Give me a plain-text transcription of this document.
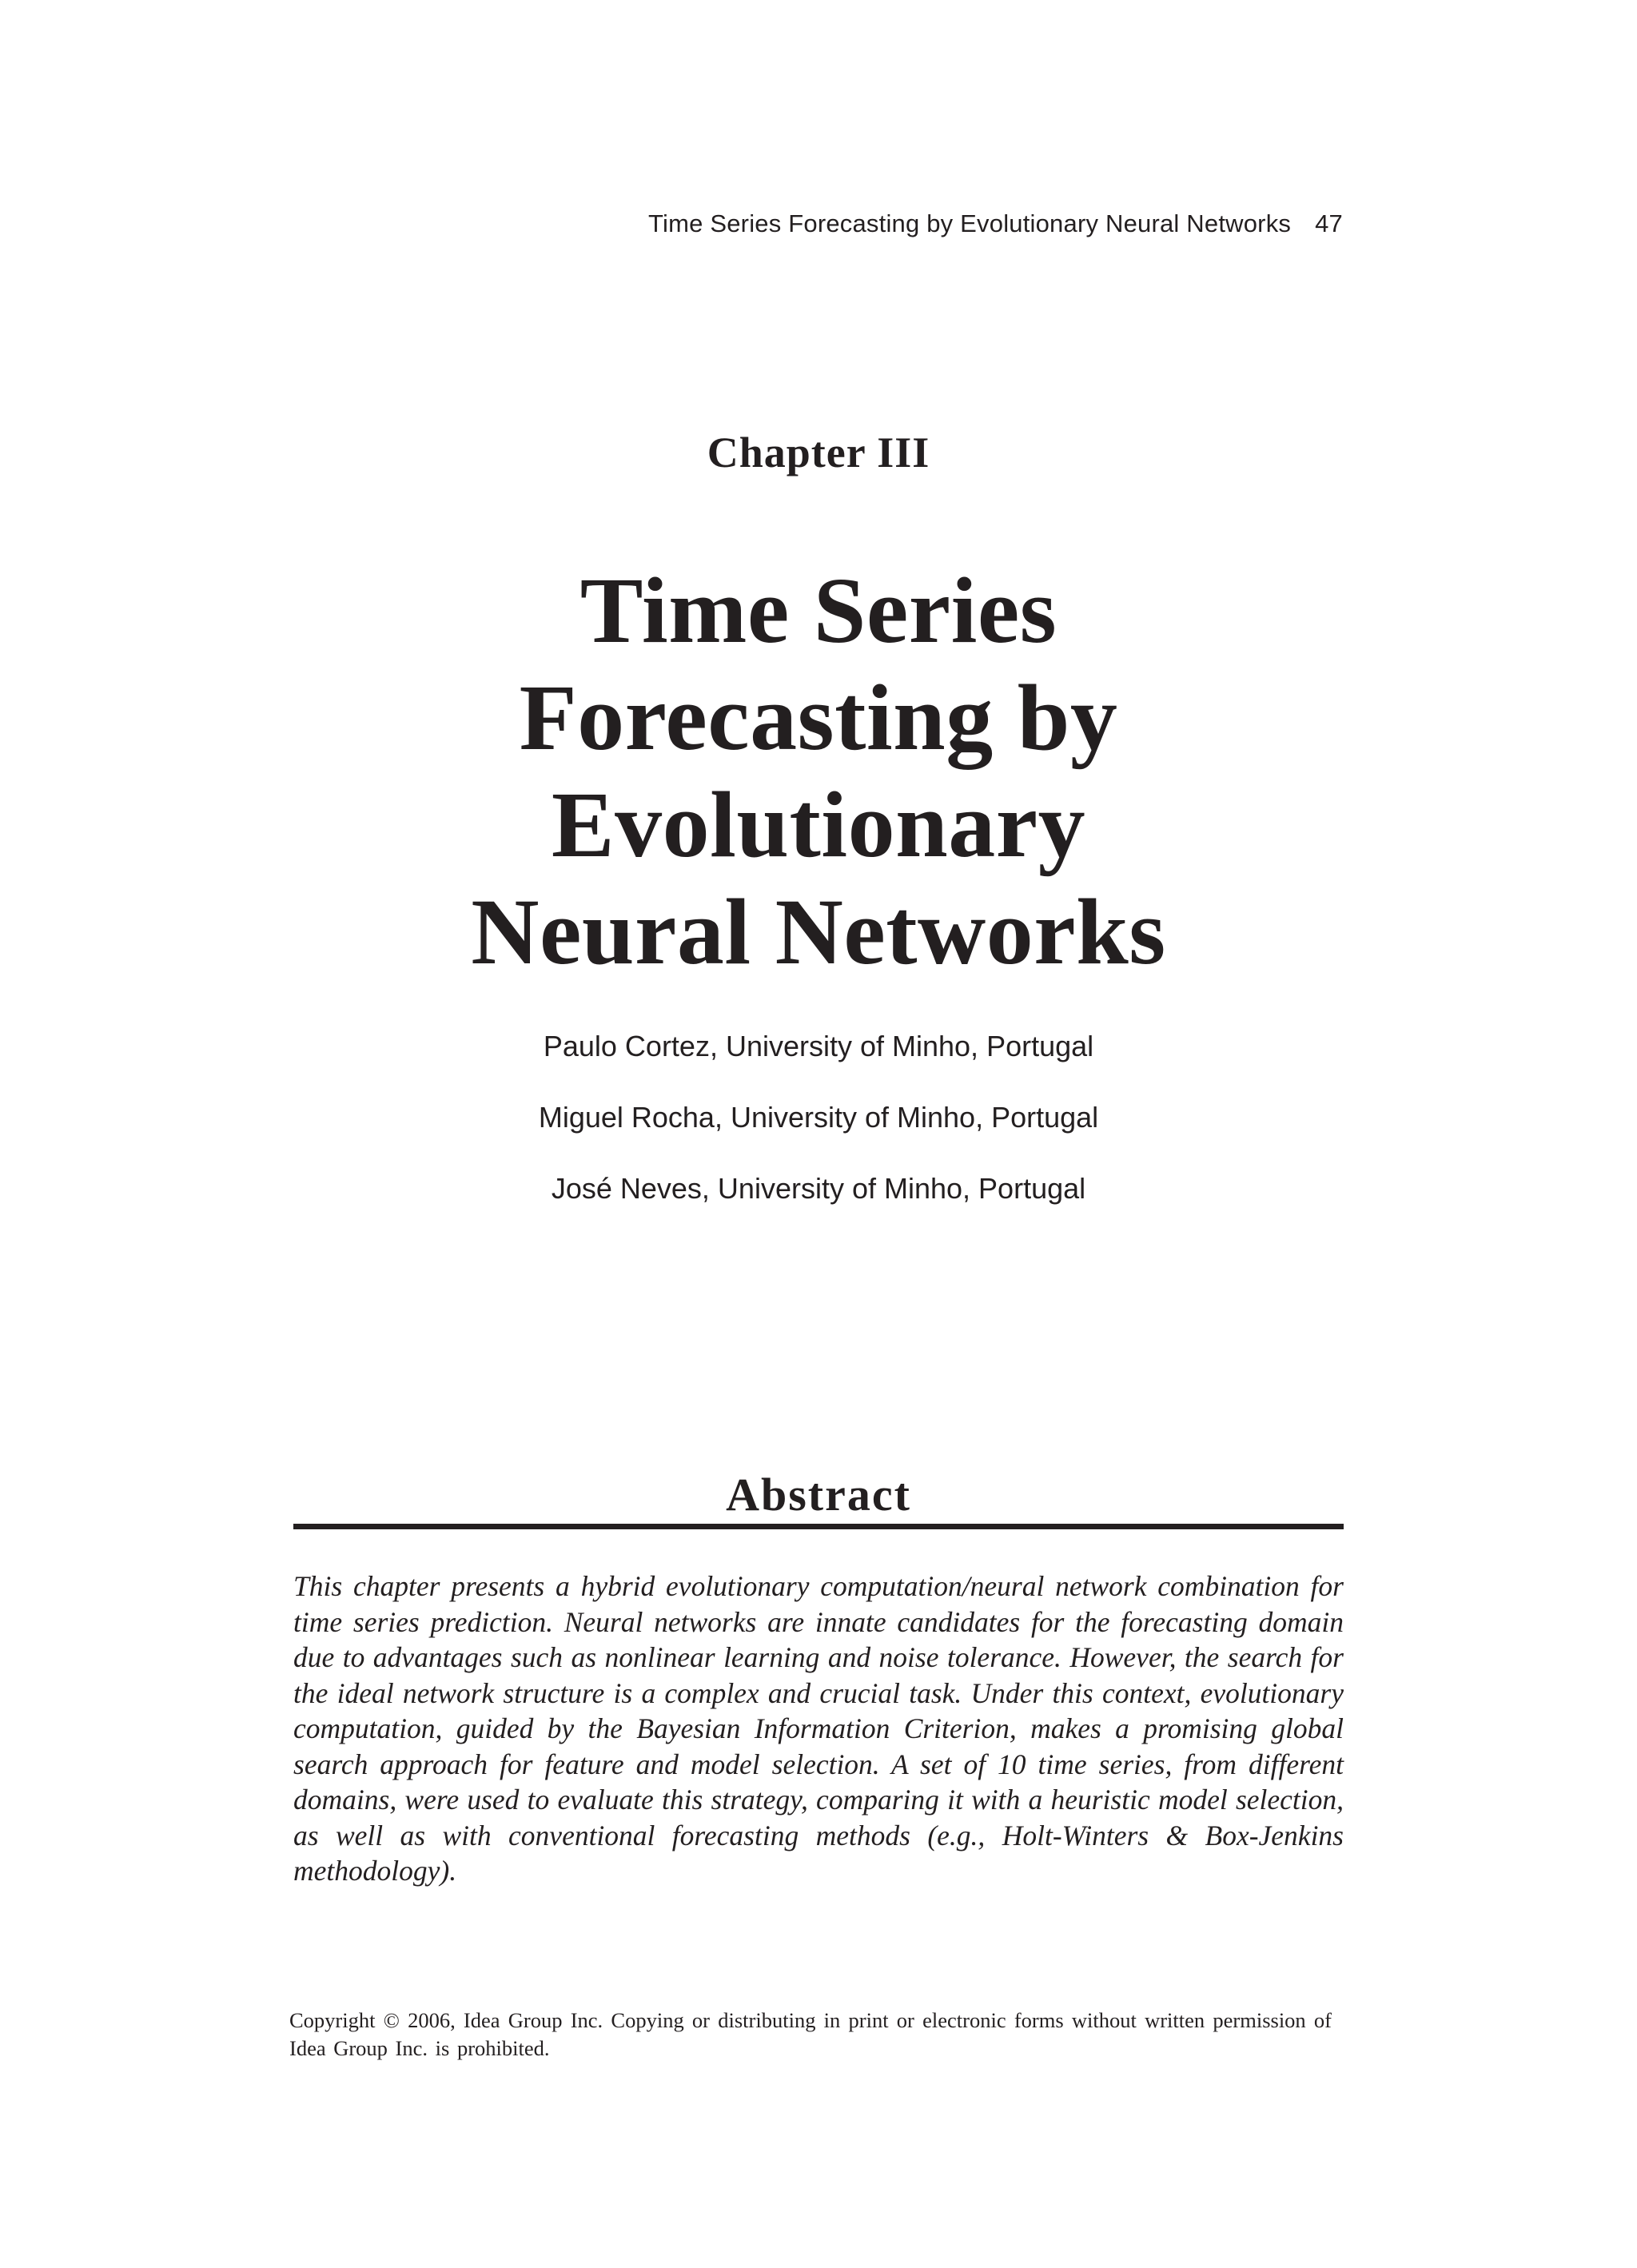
Time Series Forecasting by Evolutionary Neural Networks 47
Chapter III
Time Series
Forecasting by
Evolutionary
Neural Networks
Paulo Cortez, University of Minho, Portugal
Miguel Rocha, University of Minho, Portugal
José Neves, University of Minho, Portugal
Abstract

This chapter presents a hybrid evolutionary computation/neural network combination for time series prediction. Neural networks are innate candidates for the forecasting domain due to advantages such as nonlinear learning and noise tolerance. However, the search for the ideal network structure is a complex and crucial task. Under this context, evolutionary computation, guided by the Bayesian Information Criterion, makes a promising global search approach for feature and model selection. A set of 10 time series, from different domains, were used to evaluate this strategy, comparing it with a heuristic model selection, as well as with conventional forecasting methods (e.g., Holt-Winters & Box-Jenkins methodology).

Copyright © 2006, Idea Group Inc. Copying or distributing in print or electronic forms without written permission of Idea Group Inc. is prohibited.
